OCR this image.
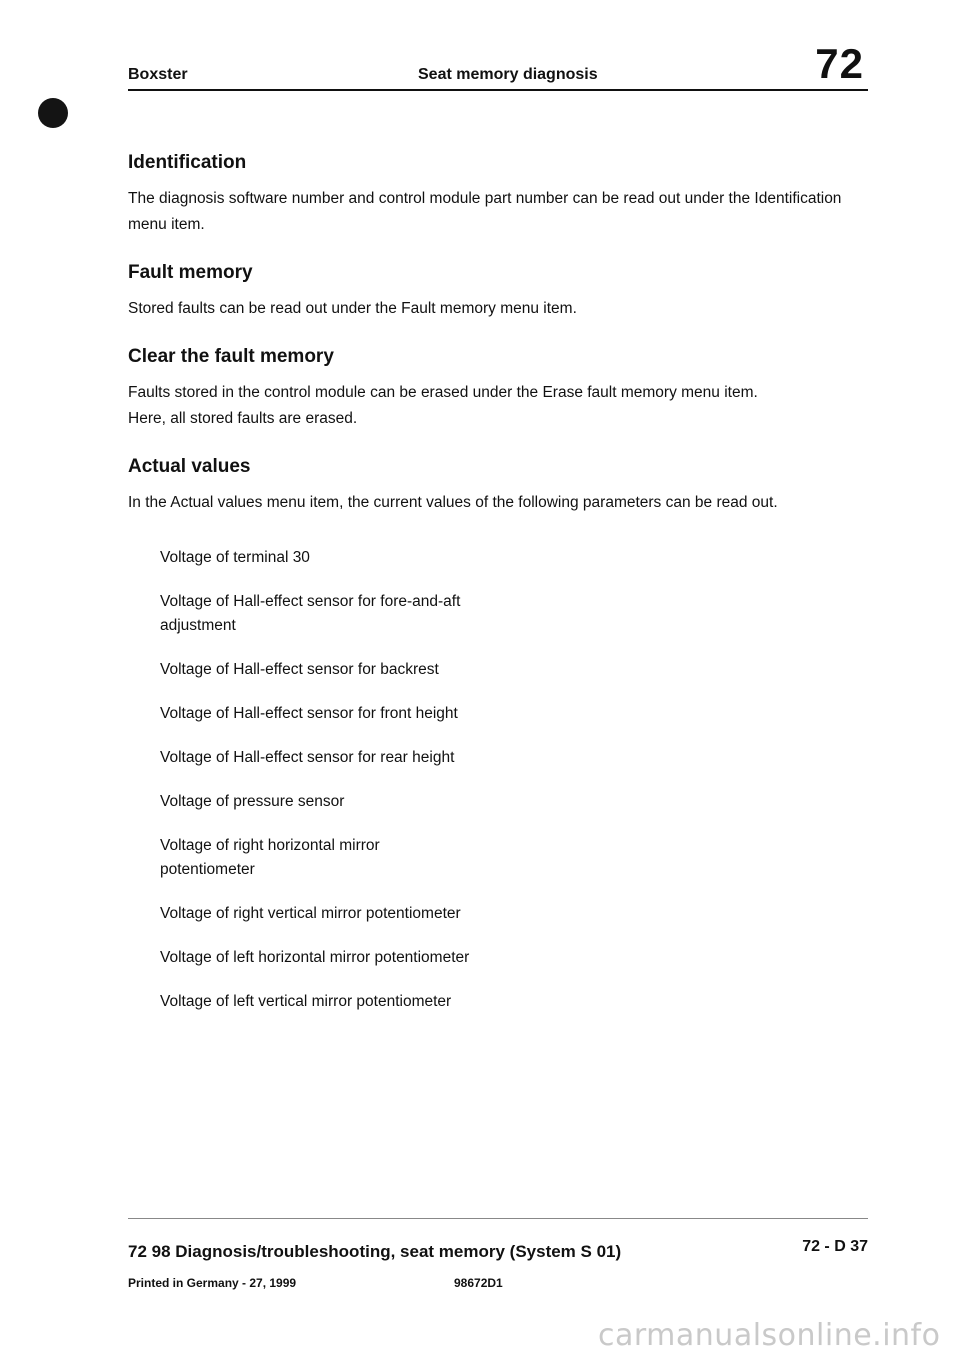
Boxster	Seat memory diagnosis	72
Identification

The diagnosis software number and control module part number can be read out under the Identification menu item.

Fault memory

Stored faults can be read out under the Fault memory menu item.

Clear the fault memory

Faults stored in the control module can be erased under the Erase fault memory menu item.

Here, all stored faults are erased.

Actual values

In the Actual values menu item, the current values of the following parameters can be read out.

Voltage of terminal 30
Voltage of Hall-effect sensor for fore-and-aft
adjustment
Voltage of Hall-effect sensor for backrest
Voltage of Hall-effect sensor for front height
Voltage of Hall-effect sensor for rear height
Voltage of pressure sensor
Voltage of right horizontal mirror
potentiometer
Voltage of right vertical mirror potentiometer
Voltage of left horizontal mirror potentiometer
Voltage of left vertical mirror potentiometer
72 98 Diagnosis/troubleshooting, seat memory (System S 01)	72 - D 37
Printed in Germany - 27, 1999	98672D1
carmanualsonline.info
